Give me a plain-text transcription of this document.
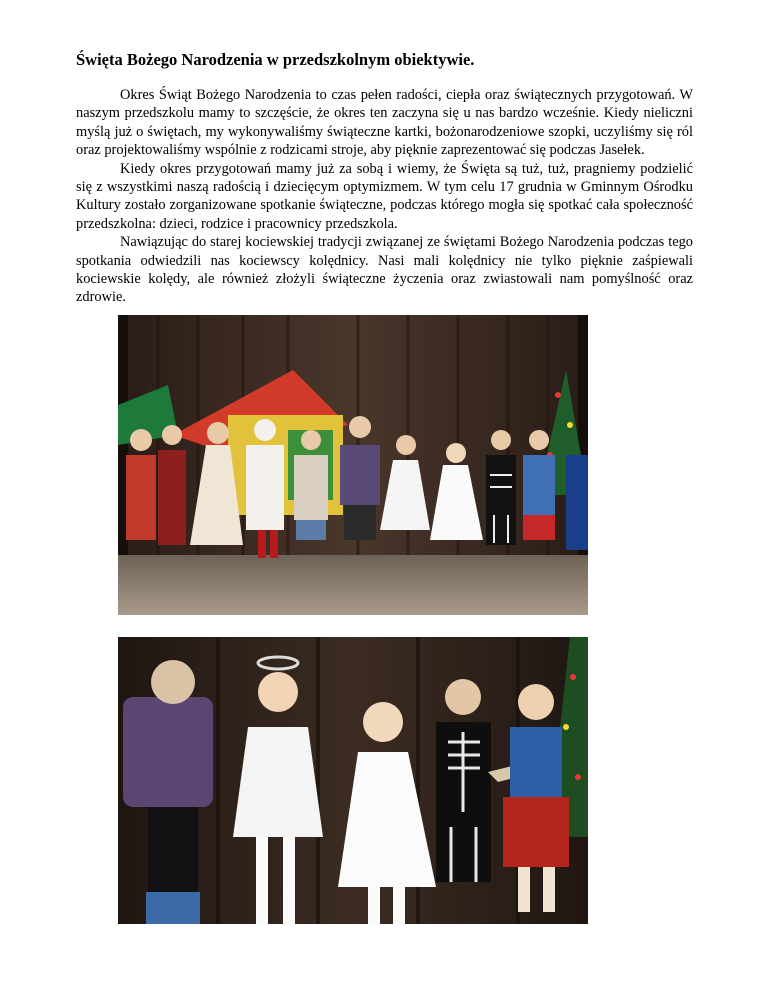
Święta Bożego Narodzenia w przedszkolnym obiektywie.

Okres Świąt Bożego Narodzenia to czas pełen radości, ciepła oraz świątecznych przygotowań. W naszym przedszkolu mamy to szczęście, że okres ten zaczyna się u nas bardzo wcześnie. Kiedy nieliczni myślą już o świętach, my wykonywaliśmy świąteczne kartki, bożonarodzeniowe szopki, uczyliśmy się ról oraz projektowaliśmy wspólnie z rodzicami stroje, aby pięknie zaprezentować się podczas Jasełek.

Kiedy okres przygotowań mamy już za sobą i wiemy, że Święta są tuż, tuż, pragniemy podzielić się z wszystkimi naszą radością i dziecięcym optymizmem. W tym celu 17 grudnia w Gminnym Ośrodku Kultury zostało zorganizowane spotkanie świąteczne, podczas którego mogła się spotkać cała społeczność przedszkolna: dzieci, rodzice i pracownicy przedszkola.

Nawiązując do starej kociewskiej tradycji związanej ze świętami Bożego Narodzenia podczas tego spotkania odwiedzili nas kociewscy kolędnicy. Nasi mali kolędnicy nie tylko pięknie zaśpiewali kociewskie kolędy, ale również złożyli świąteczne życzenia oraz zwiastowali nam pomyślność oraz zdrowie.
